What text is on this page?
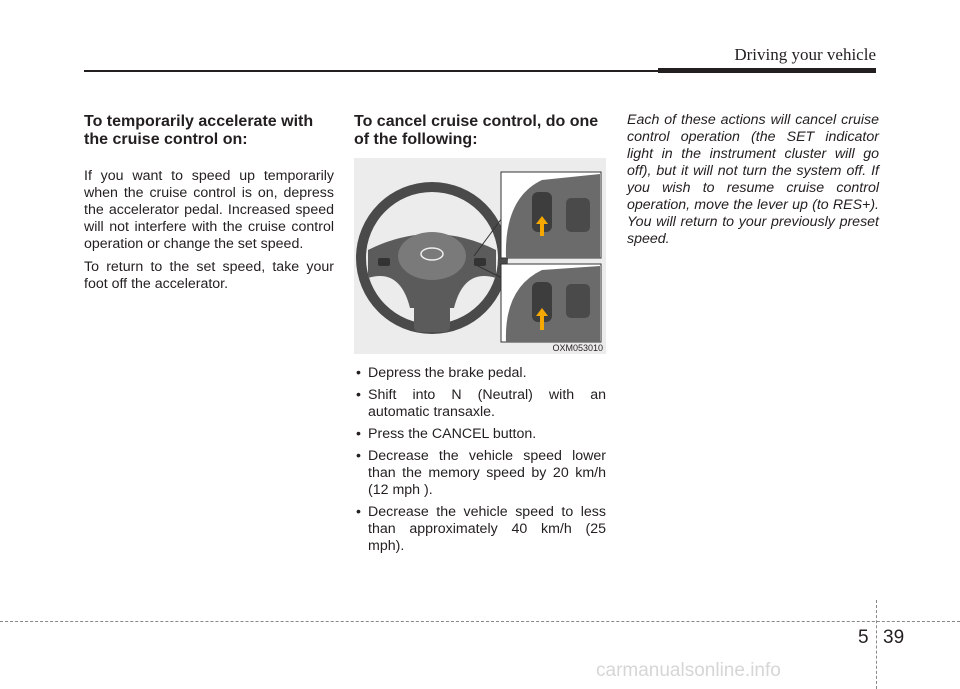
Driving your vehicle
To temporarily accelerate with the cruise control on:

If you want to speed up temporarily when the cruise control is on, depress the accelerator pedal. Increased speed will not interfere with the cruise control operation or change the set speed.

To return to the set speed, take your foot off the accelerator.

To cancel cruise control, do one of the following:
OXM053010
• Depress the brake pedal.
• Shift into N (Neutral) with an automatic transaxle.
• Press the CANCEL button.
• Decrease the vehicle speed lower than the memory speed by 20 km/h (12 mph ).
• Decrease the vehicle speed to less than approximately 40 km/h (25 mph).

Each of these actions will cancel cruise control operation (the SET indicator light in the instrument cluster will go off), but it will not turn the system off. If you wish to resume cruise control operation, move the lever up (to RES+). You will return to your previously preset speed.

5 39
carmanualsonline.info
